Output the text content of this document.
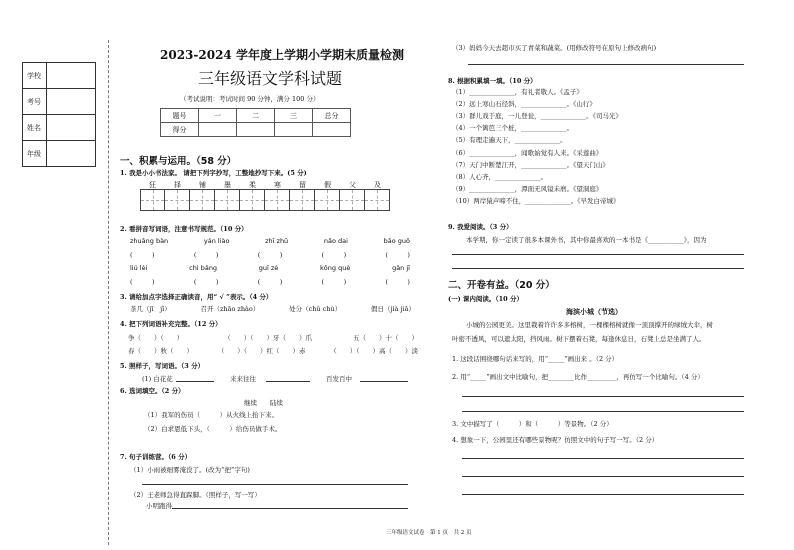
学校	
考号	
姓名	
年级	
2023-2024 学年度上学期小学期末质量检测
三年级语文学科试题
（考试说明：考试时间 90 分钟，满分 100 分）
题号	一	二	三	总分
得分				
一、积累与运用。（58 分）
1. 我是小小书法家。 请把下列字抄写，工整地抄写下来。(5 分)
狂	择	铺	墨	柔	寒	留	假	父	及
2. 看拼音写词语，注意书写规范。（10 分）
zhuāng bàn	yán liào	zhī zhū	nǎo dai	bāo guǒ
(　　　)	(　　　)	(　　　)	(　　　)	(　　　)
liú lèi	chì bǎng	guī zé	kǒng què	gǎn jī
(　　　)	(　　　)	(　　　)	(　　　)	(　　　)
3. 请给加点字选择正确读音，用“ √ ”表示。（4 分）
茶几（jī　jǐ）	召开（zhāo zhào）	处分（chǔ chù）	假日（jià jiǎ）
4. 把下列词语补充完整。（12 分）
争（　　）（　　）	（　　）（　　）牙（　　）爪	五（　　）十（　　）
春（　　）秋（　　）	（　　）（　　）红（　　）赤	（　　）（　　）高（　　）淡
5. 照样子，写词语。（3 分）
(1) 白花花	来来往往	百发百中
6. 选词填空。（2 分）
继续　　陆续
（1）我军的伤员（　　　）从火线上抬下来。
（2）白求恩低下头，（　　　）给伤员做手术。
7. 句子训练营。（6 分）
（1）小雨被细雾淹没了。(改为“把”字句)
（2）王老师急得直跺脚。（照样子，写一写）
小明跑得
（3）妈妈今天去超市买了青菜和蔬菜。(用修改符号在原句上修改病句)
8. 根据积累填一填。（10 分）
（1）______________，有礼者敬人。《孟子》
（2）远上寒山石径斜，______________。《山行》
（3）群儿戏于庭，一儿登瓮，______________。《司马光》
（4）一个篱笆三个桩，______________。
（5）有理走遍天下，______________。
（6）______________，闻歌始觉有人来。《采莲曲》
（7）天门中断楚江开，______________。《望天门山》
（8）人心齐，______________。
（9）______________，潭面无风镜未磨。《望洞庭》
（10）两岸猿声啼不住，______________。《早发白帝城》
9. 我爱阅读。（3 分）
本学期，你一定读了很多本课外书，其中你最喜欢的一本书是《___________》，因为
二、开卷有益。（20 分）
(一) 课内阅读。（10 分）
海滨小城（节选）
小城的公园更美。这里栽着许许多多榕树，一棵棵榕树就像一顶顶撑开的绿绒大伞，树
叶密不透风，可以遮太阳，挡风雨。树下摆着石凳，每逢休息日，石凳上总是坐满了人。
1. 这段话围绕哪句话来写的，用“_____”画出来 。（2 分）
2. 用“_____”画出文中比喻句，把________比作_________，再仿写一个比喻句。（4 分）
3. 文中描写了（　　　）和（　　　）等景物。（2 分）
4. 想象一下，公园里还有哪些景物呢？仿照文中的句子写一写。（2 分）
三年级语文试卷　第 1 页　共 2 页
